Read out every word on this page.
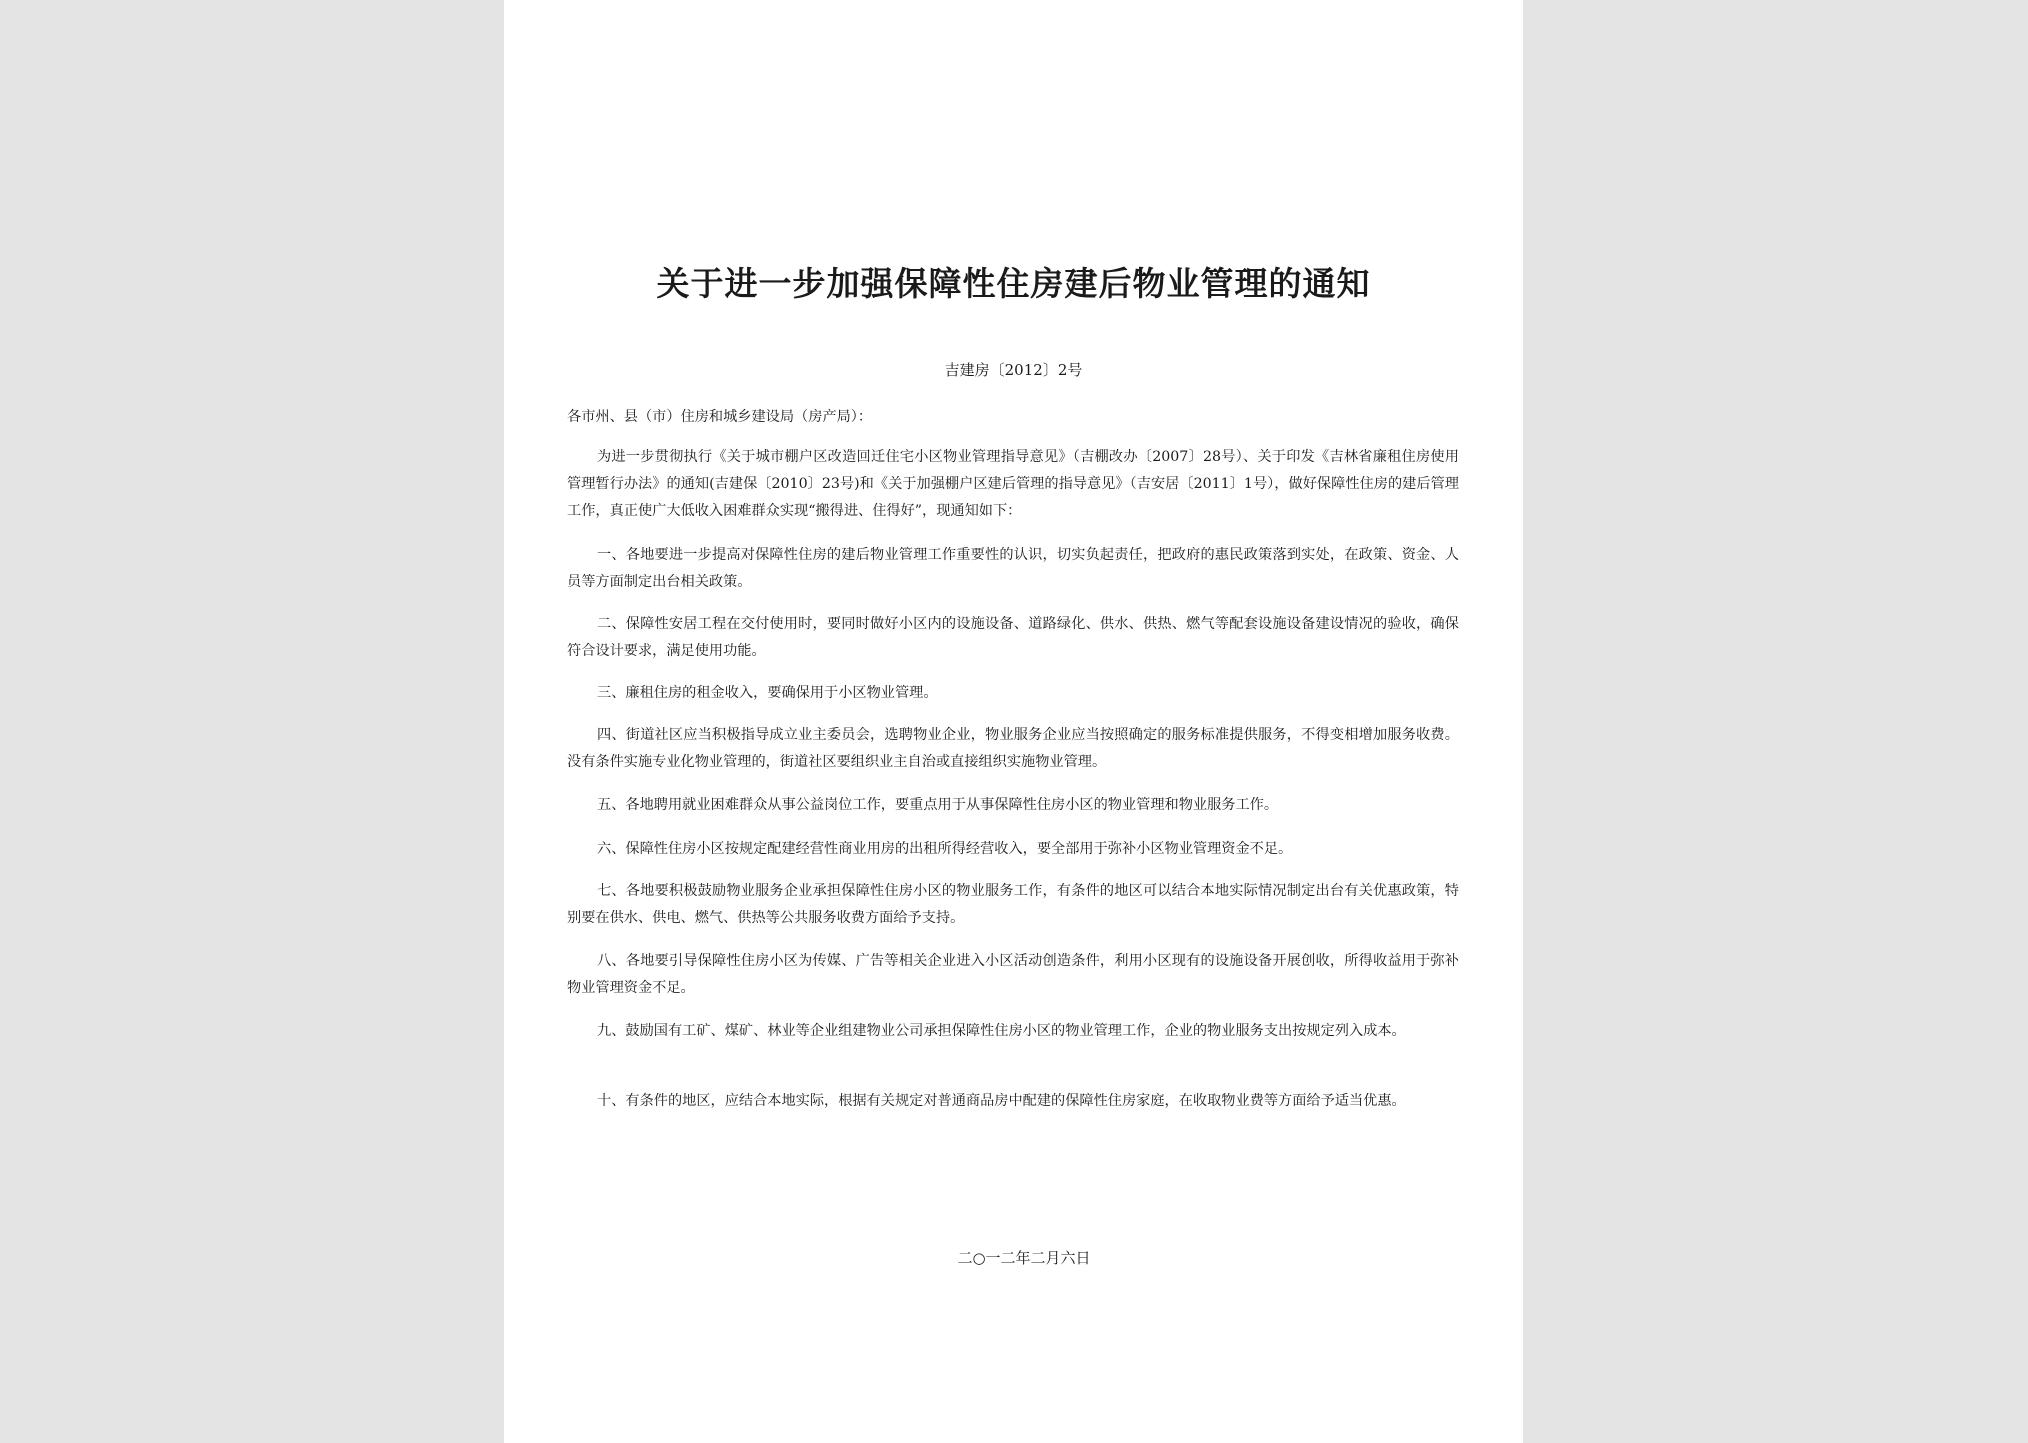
关于进一步加强保障性住房建后物业管理的通知
吉建房〔2012〕2号
各市州、县（市）住房和城乡建设局（房产局）：
为进一步贯彻执行《关于城市棚户区改造回迁住宅小区物业管理指导意见》（吉棚改办〔2007〕28号）、关于印发《吉林省廉租住房使用管理暂行办法》的通知(吉建保〔2010〕23号)和《关于加强棚户区建后管理的指导意见》（吉安居〔2011〕1号），做好保障性住房的建后管理工作，真正使广大低收入困难群众实现“搬得进、住得好”，现通知如下：
一、各地要进一步提高对保障性住房的建后物业管理工作重要性的认识，切实负起责任，把政府的惠民政策落到实处，在政策、资金、人员等方面制定出台相关政策。
二、保障性安居工程在交付使用时，要同时做好小区内的设施设备、道路绿化、供水、供热、燃气等配套设施设备建设情况的验收，确保符合设计要求，满足使用功能。
三、廉租住房的租金收入，要确保用于小区物业管理。
四、街道社区应当积极指导成立业主委员会，选聘物业企业，物业服务企业应当按照确定的服务标准提供服务，不得变相增加服务收费。没有条件实施专业化物业管理的，街道社区要组织业主自治或直接组织实施物业管理。
五、各地聘用就业困难群众从事公益岗位工作，要重点用于从事保障性住房小区的物业管理和物业服务工作。
六、保障性住房小区按规定配建经营性商业用房的出租所得经营收入，要全部用于弥补小区物业管理资金不足。
七、各地要积极鼓励物业服务企业承担保障性住房小区的物业服务工作，有条件的地区可以结合本地实际情况制定出台有关优惠政策，特别要在供水、供电、燃气、供热等公共服务收费方面给予支持。
八、各地要引导保障性住房小区为传媒、广告等相关企业进入小区活动创造条件，利用小区现有的设施设备开展创收，所得收益用于弥补物业管理资金不足。
九、鼓励国有工矿、煤矿、林业等企业组建物业公司承担保障性住房小区的物业管理工作，企业的物业服务支出按规定列入成本。
十、有条件的地区，应结合本地实际，根据有关规定对普通商品房中配建的保障性住房家庭，在收取物业费等方面给予适当优惠。
二○一二年二月六日
